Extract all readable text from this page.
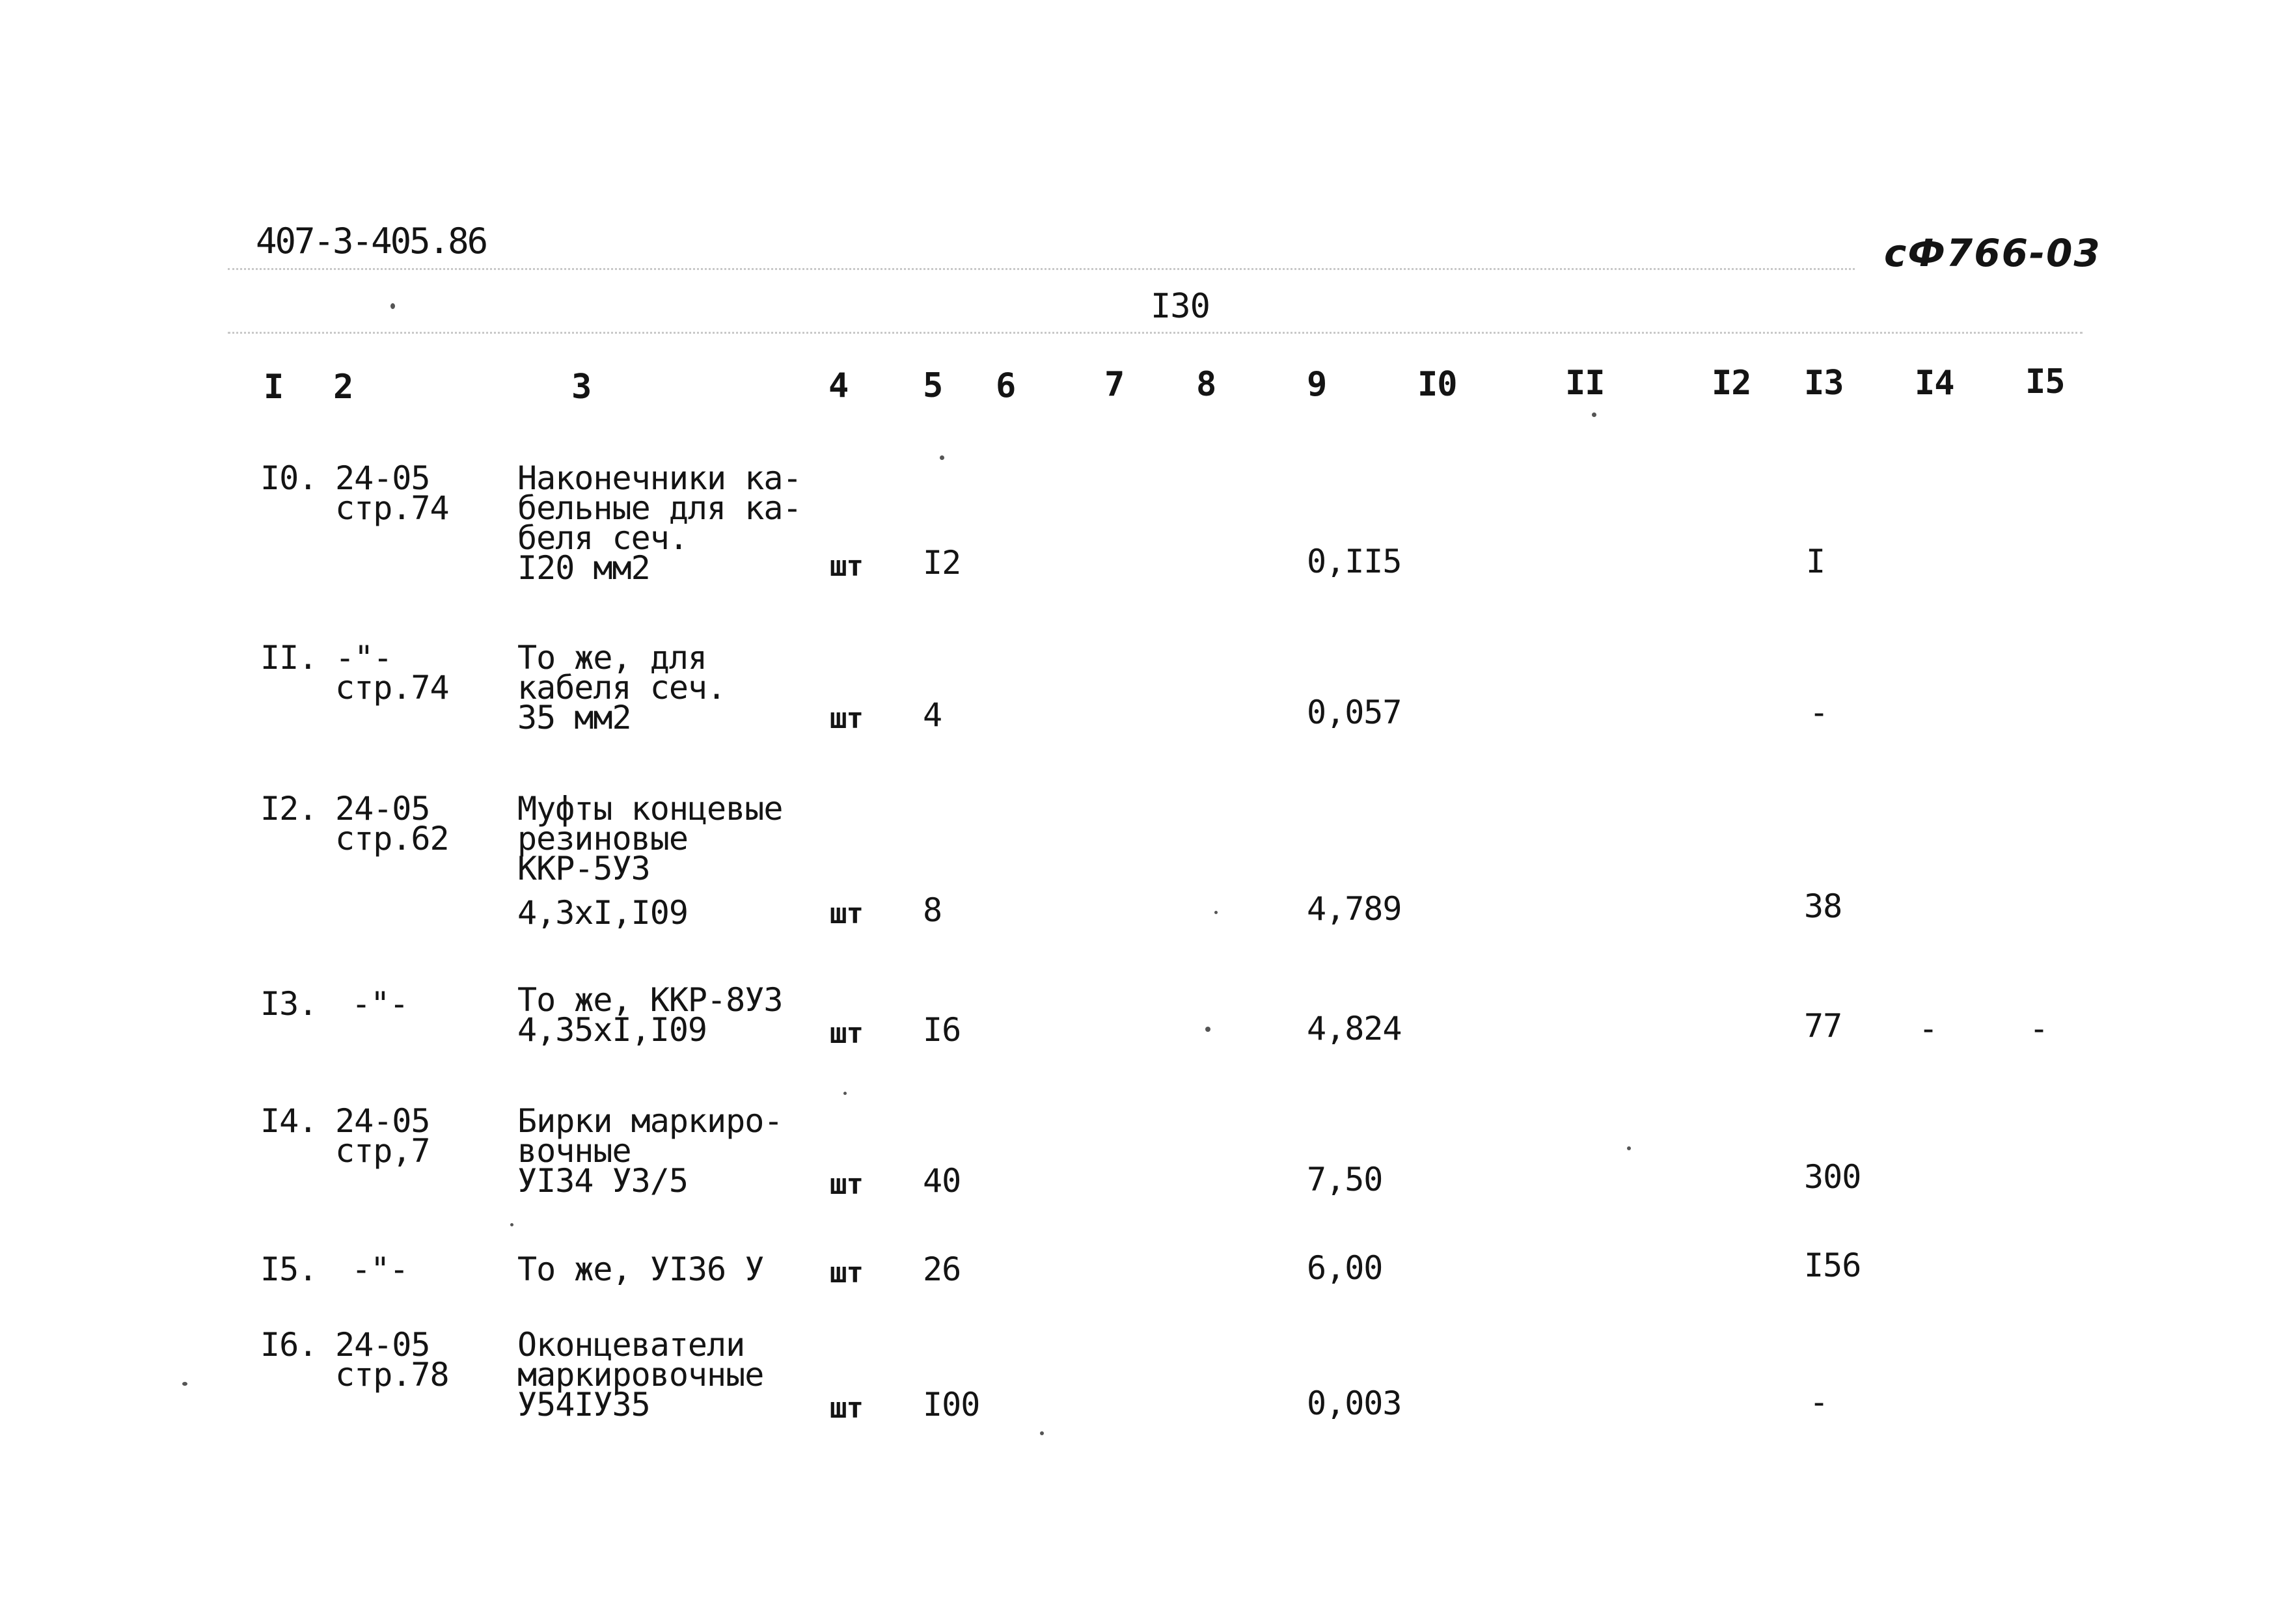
407-3-405.86	сФ766-03
I30
I 2	3	4 5 6	7 8	9	I0	II	I2 I3 I4 I5
I0. 24-05
стр.74
Наконечники ка-
бельные для ка-
беля сеч.
I20 мм2	шт I2	0,II5	I
II. -"-
стр.74
То же, для
кабеля сеч.
35 мм2	шт 4	0,057	-
I2. 24-05
стр.62
Муфты концевые
резиновые
ККР-5У3
4,3хI,I09	шт 8	4,789	38
I3. -"-	То же, ККР-8У3
4,35хI,I09	шт I6	4,824	77 -	-
I4. 24-05
стр,7
Бирки маркиро-
вочные
УI34 У3/5	шт 40	7,50	300
I5. -"-	То же, УI36 У шт 26	6,00	I56
I6. 24-05
стр.78
Оконцеватели
маркировочные
У54IУ35	шт I00	0,003	-
